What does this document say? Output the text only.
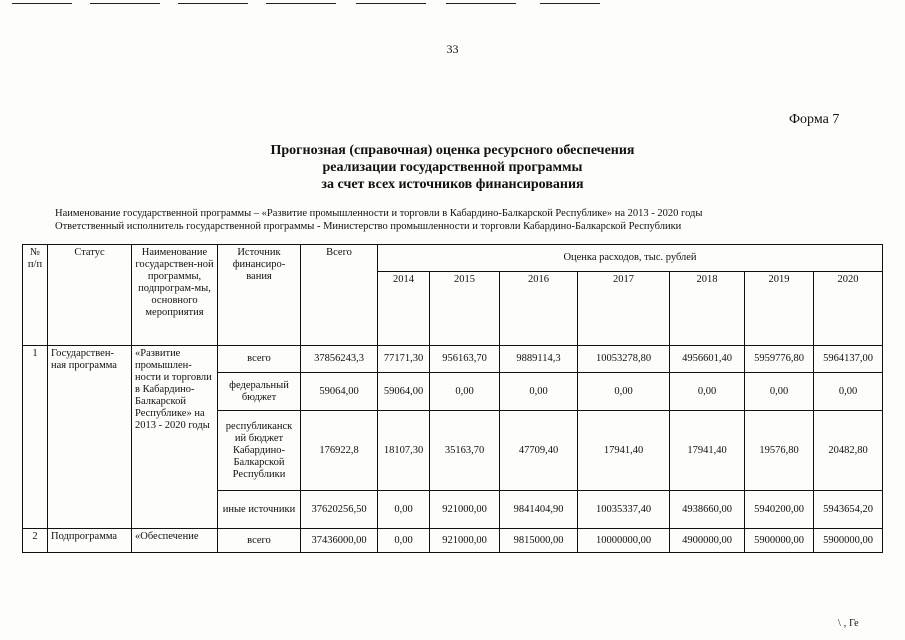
33
Форма 7
Прогнозная (справочная) оценка ресурсного обеспечения
реализации государственной программы
за счет всех источников финансирования
Наименование государственной программы – «Развитие промышленности и торговли в Кабардино-Балкарской Республике» на 2013 - 2020 годы
Ответственный исполнитель государственной программы - Министерство промышленности и торговли Кабардино-Балкарской Республики
№ п/п	Статус	Наименование государствен-ной программы, подпрограм-мы, основного мероприятия	Источник финансиро-вания	Всего	Оценка расходов, тыс. рублей						
					2014	2015	2016	2017	2018	2019	2020
1	Государствен-ная программа	«Развитие промышлен-ности и торговли в Кабардино-Балкарской Республике» на 2013 - 2020 годы	всего	37856243,3	77171,30	956163,70	9889114,3	10053278,80	4956601,40	5959776,80	5964137,00
			федеральный бюджет	59064,00	59064,00	0,00	0,00	0,00	0,00	0,00	0,00
			республиканск ий бюджет Кабардино-Балкарской Республики	176922,8	18107,30	35163,70	47709,40	17941,40	17941,40	19576,80	20482,80
			иные источники	37620256,50	0,00	921000,00	9841404,90	10035337,40	4938660,00	5940200,00	5943654,20
2	Подпрограмма	«Обеспечение	всего	37436000,00	0,00	921000,00	9815000,00	10000000,00	4900000,00	5900000,00	5900000,00
\ ‚ Ге
